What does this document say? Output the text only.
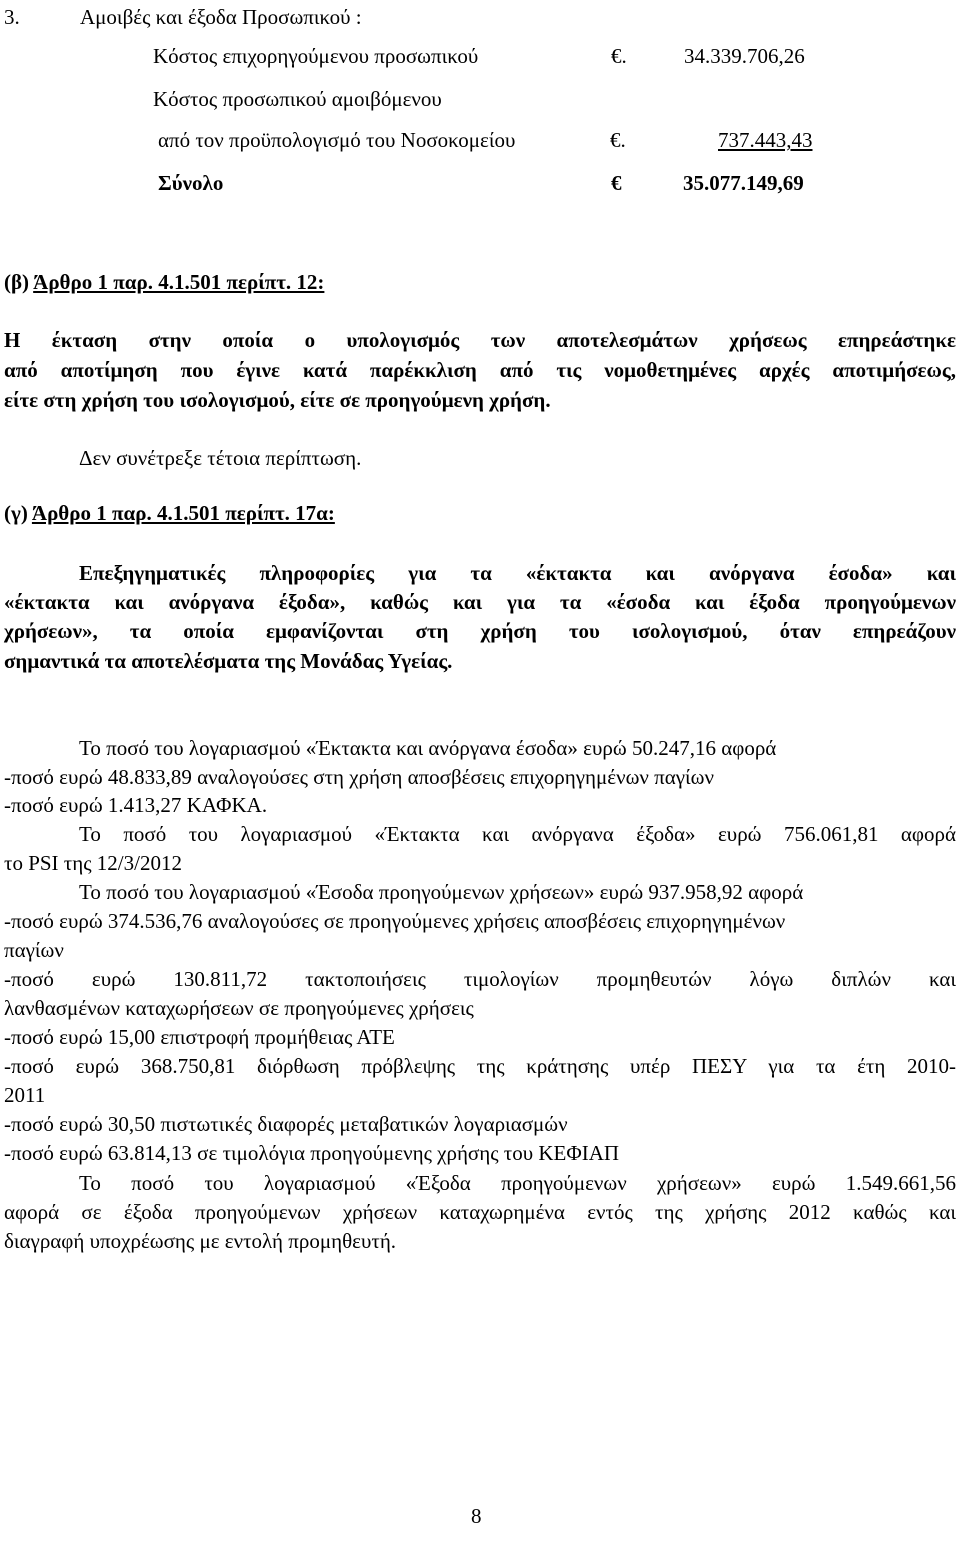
3.	Αμοιβές και έξοδα Προσωπικού :
Κόστος επιχορηγούμενου προσωπικού	€.	34.339.706,26
Κόστος προσωπικού αμοιβόμενου
από τον προϋπολογισμό του Νοσοκομείου	€.	737.443,43
Σύνολο	€	35.077.149,69
(β) Άρθρο 1 παρ. 4.1.501 περίπτ. 12:
Η έκταση στην οποία ο υπολογισμός των αποτελεσμάτων χρήσεως επηρεάστηκε
από αποτίμηση που έγινε κατά παρέκκλιση από τις νομοθετημένες αρχές αποτιμήσεως,
είτε στη χρήση του ισολογισμού, είτε σε προηγούμενη χρήση.
Δεν συνέτρεξε τέτοια περίπτωση.
(γ) Άρθρο 1 παρ. 4.1.501 περίπτ. 17α:
Επεξηγηματικές πληροφορίες για τα «έκτακτα και ανόργανα έσοδα» και
«έκτακτα και ανόργανα έξοδα», καθώς και για τα «έσοδα και έξοδα προηγούμενων
χρήσεων», τα οποία εμφανίζονται στη χρήση του ισολογισμού, όταν επηρεάζουν
σημαντικά τα αποτελέσματα της Μονάδας Υγείας.
Το ποσό του λογαριασμού «Έκτακτα και ανόργανα έσοδα» ευρώ 50.247,16 αφορά
-ποσό ευρώ 48.833,89 αναλογούσες στη χρήση αποσβέσεις επιχορηγημένων παγίων
-ποσό ευρώ 1.413,27 ΚΑΦΚΑ.
Το ποσό του λογαριασμού «Έκτακτα και ανόργανα έξοδα» ευρώ 756.061,81 αφορά
το PSI της 12/3/2012
Το ποσό του λογαριασμού «Έσοδα προηγούμενων χρήσεων» ευρώ 937.958,92 αφορά
-ποσό ευρώ 374.536,76 αναλογούσες σε προηγούμενες χρήσεις αποσβέσεις επιχορηγημένων
παγίων
-ποσό ευρώ 130.811,72 τακτοποιήσεις τιμολογίων προμηθευτών λόγω διπλών και
λανθασμένων καταχωρήσεων σε προηγούμενες χρήσεις
-ποσό ευρώ 15,00 επιστροφή προμήθειας ΑΤΕ
-ποσό ευρώ 368.750,81 διόρθωση πρόβλεψης της κράτησης υπέρ ΠΕΣΥ για τα έτη 2010-
2011
-ποσό ευρώ 30,50 πιστωτικές διαφορές μεταβατικών λογαριασμών
-ποσό ευρώ 63.814,13 σε τιμολόγια προηγούμενης χρήσης του ΚΕΦΙΑΠ
Το ποσό του λογαριασμού «Έξοδα προηγούμενων χρήσεων» ευρώ 1.549.661,56
αφορά σε έξοδα προηγούμενων χρήσεων καταχωρημένα εντός της χρήσης 2012 καθώς και
διαγραφή υποχρέωσης με εντολή προμηθευτή.
8
